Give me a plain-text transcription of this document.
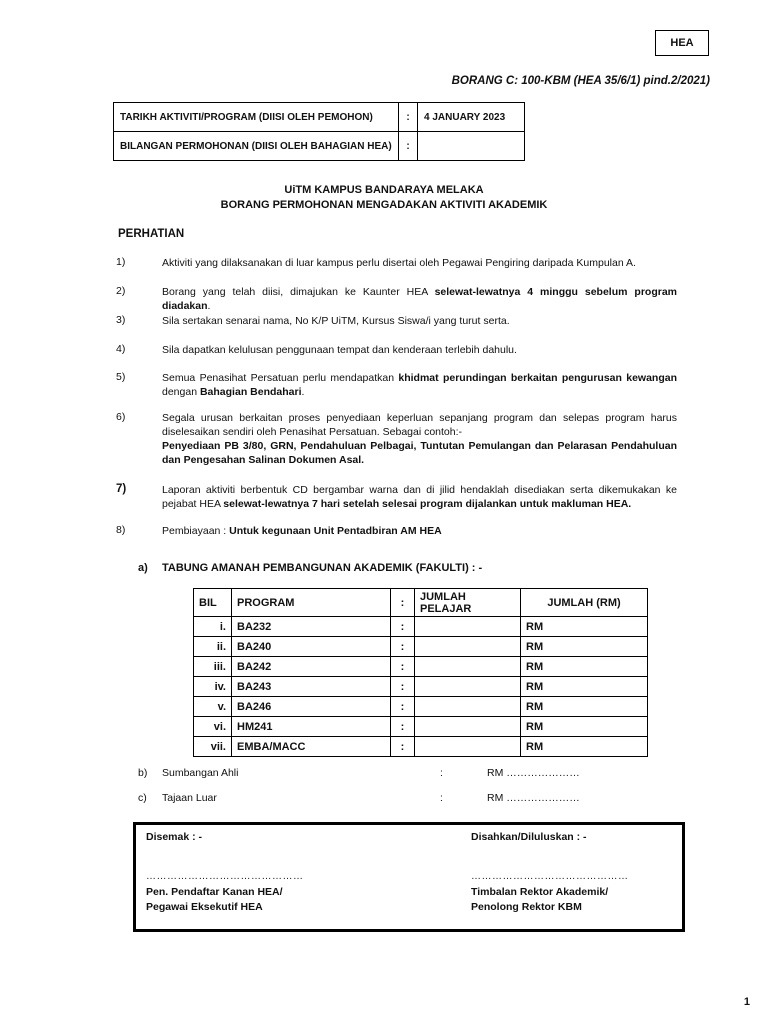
HEA
BORANG C: 100-KBM (HEA 35/6/1) pind.2/2021)
TARIKH AKTIVITI/PROGRAM (DIISI OLEH PEMOHON)	:	4 JANUARY 2023
BILANGAN PERMOHONAN (DIISI OLEH BAHAGIAN HEA)	:	
UiTM KAMPUS BANDARAYA MELAKA
BORANG PERMOHONAN MENGADAKAN AKTIVITI AKADEMIK
PERHATIAN
1)	Aktiviti yang dilaksanakan di luar kampus perlu disertai oleh Pegawai Pengiring daripada Kumpulan A.
2)	Borang yang telah diisi, dimajukan ke Kaunter HEA selewat-lewatnya 4 minggu sebelum program diadakan.
3)	Sila sertakan senarai nama, No K/P UiTM, Kursus Siswa/i yang turut serta.
4)	Sila dapatkan kelulusan penggunaan tempat dan kenderaan terlebih dahulu.
5)	Semua Penasihat Persatuan perlu mendapatkan khidmat perundingan berkaitan pengurusan kewangan dengan Bahagian Bendahari.
6)	Segala urusan berkaitan proses penyediaan keperluan sepanjang program dan selepas program harus diselesaikan sendiri oleh Penasihat Persatuan. Sebagai contoh:-
Penyediaan PB 3/80, GRN, Pendahuluan Pelbagai, Tuntutan Pemulangan dan Pelarasan Pendahuluan dan Pengesahan Salinan Dokumen Asal.
7)	Laporan aktiviti berbentuk CD bergambar warna dan di jilid hendaklah disediakan serta dikemukakan ke pejabat HEA selewat-lewatnya 7 hari setelah selesai program dijalankan untuk makluman HEA.
8)	Pembiayaan : Untuk kegunaan Unit Pentadbiran AM HEA
a) TABUNG AMANAH PEMBANGUNAN AKADEMIK (FAKULTI) : -
BIL	PROGRAM	:	JUMLAH PELAJAR	JUMLAH (RM)
i.	BA232	:		RM
ii.	BA240	:		RM
iii.	BA242	:		RM
iv.	BA243	:		RM
v.	BA246	:		RM
vi.	HM241	:		RM
vii.	EMBA/MACC	:		RM
b) Sumbangan Ahli	:	RM …………………
c) Tajaan Luar	:	RM …………………
Disemak : -
………………………………………
Pen. Pendaftar Kanan HEA/
Pegawai Eksekutif HEA
Disahkan/Diluluskan : -
………………………………………
Timbalan Rektor Akademik/
Penolong Rektor KBM
1
